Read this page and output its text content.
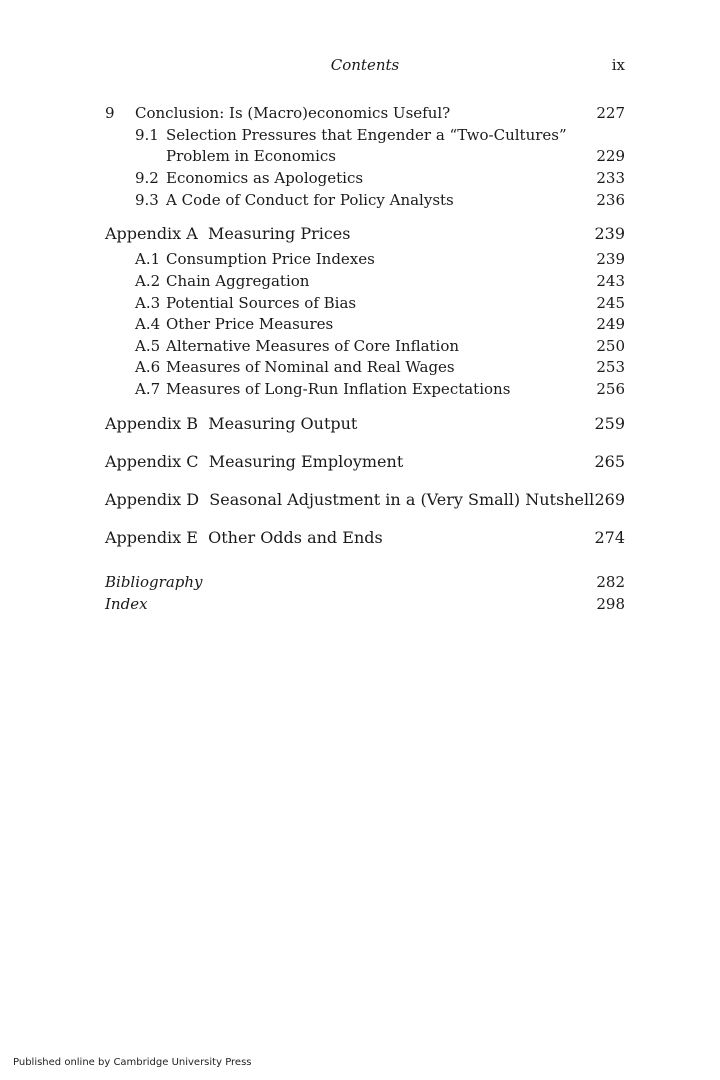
Contents	ix
9 Conclusion: Is (Macro)economics Useful?	227
9.1 Selection Pressures that Engender a “Two-Cultures”
Problem in Economics	229
9.2 Economics as Apologetics	233
9.3 A Code of Conduct for Policy Analysts	236
Appendix A  Measuring Prices	239
A.1 Consumption Price Indexes	239
A.2 Chain Aggregation	243
A.3 Potential Sources of Bias	245
A.4 Other Price Measures	249
A.5 Alternative Measures of Core Inflation	250
A.6 Measures of Nominal and Real Wages	253
A.7 Measures of Long-Run Inflation Expectations	256
Appendix B  Measuring Output	259
Appendix C  Measuring Employment	265
Appendix D  Seasonal Adjustment in a (Very Small) Nutshell 269
Appendix E  Other Odds and Ends	274
Bibliography	282
Index	298
Published online by Cambridge University Press
